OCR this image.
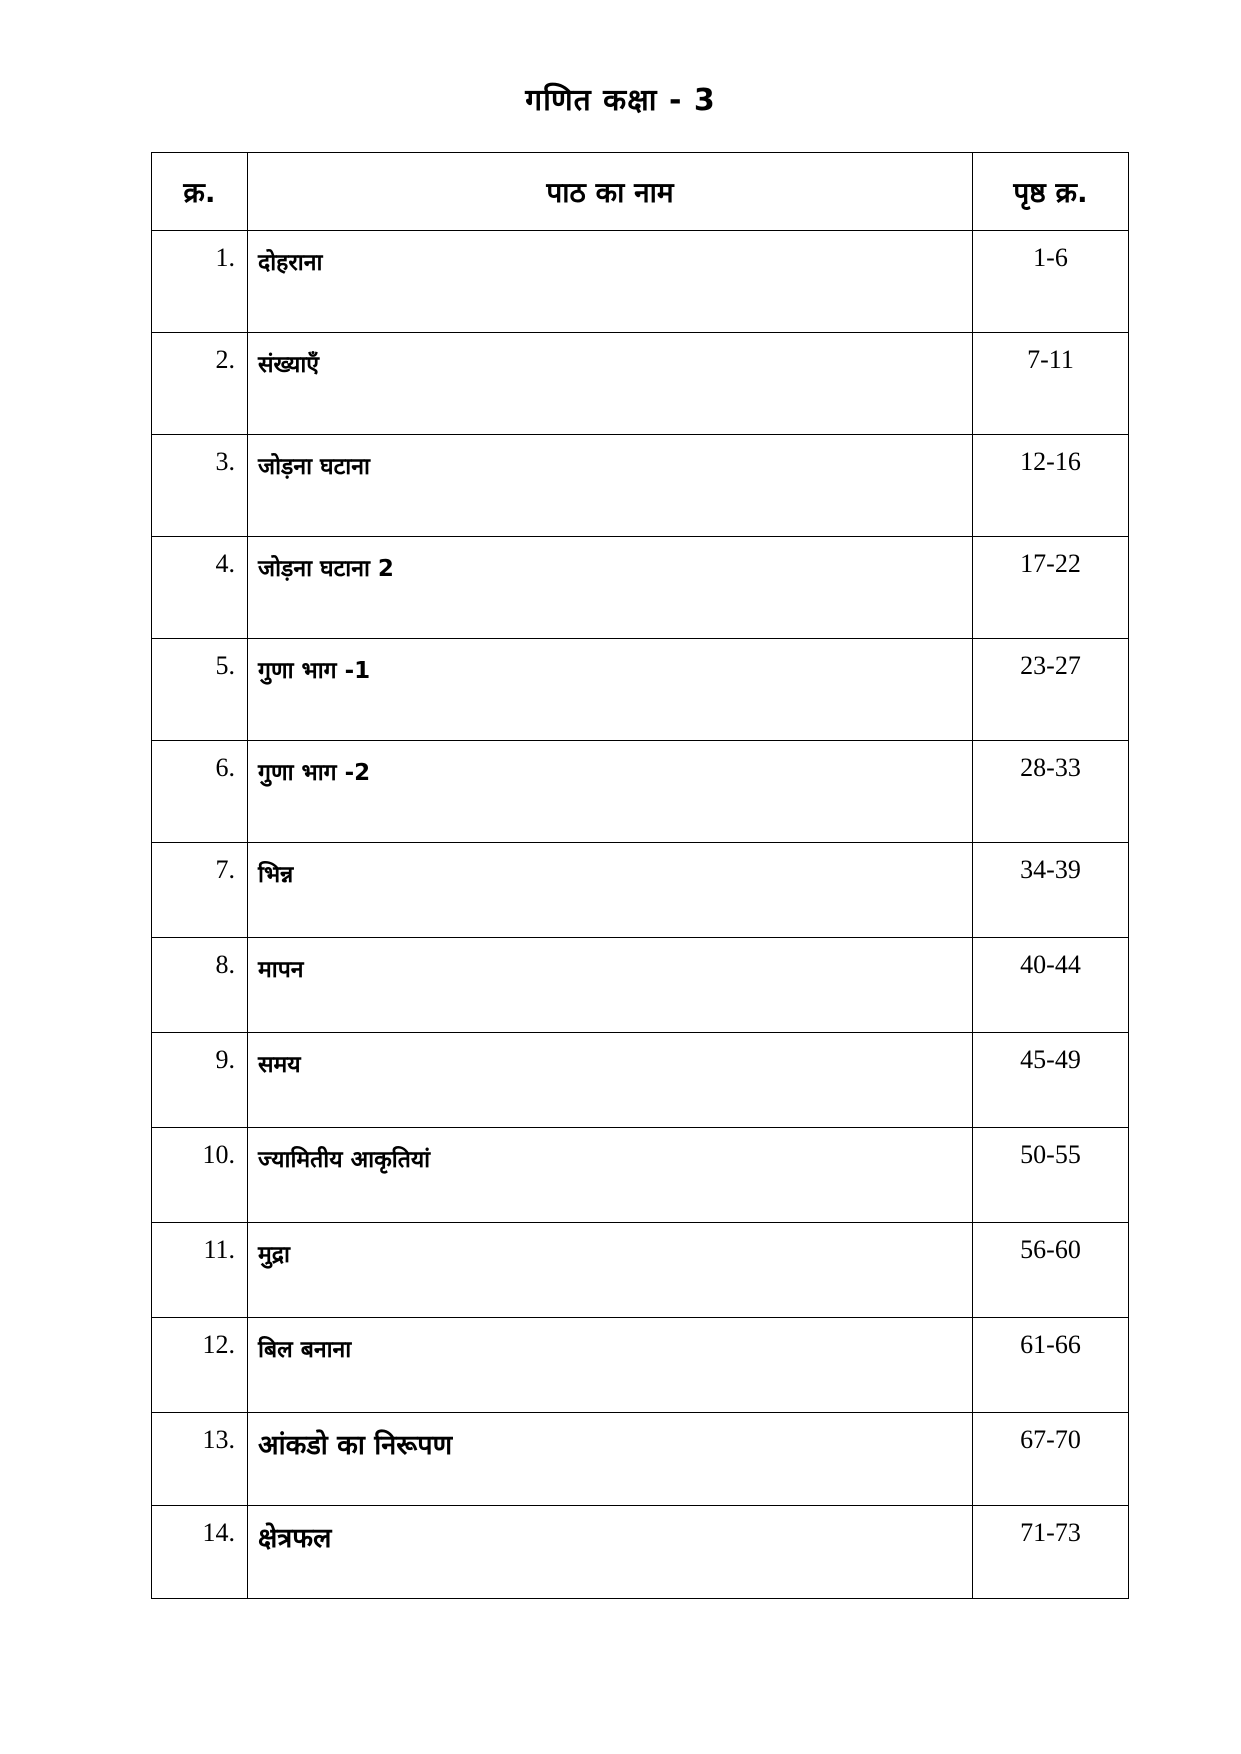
गणित कक्षा - 3
क्र.	पाठ का नाम	पृष्ठ क्र.
1.	दोहराना	1-6
2.	संख्याएँ	7-11
3.	जोड़ना घटाना	12-16
4.	जोड़ना घटाना 2	17-22
5.	गुणा भाग -1	23-27
6.	गुणा भाग -2	28-33
7.	भिन्न	34-39
8.	मापन	40-44
9.	समय	45-49
10.	ज्यामितीय आकृतियां	50-55
11.	मुद्रा	56-60
12.	बिल बनाना	61-66
13.	आंकडो का निरूपण	67-70
14.	क्षेत्रफल	71-73
